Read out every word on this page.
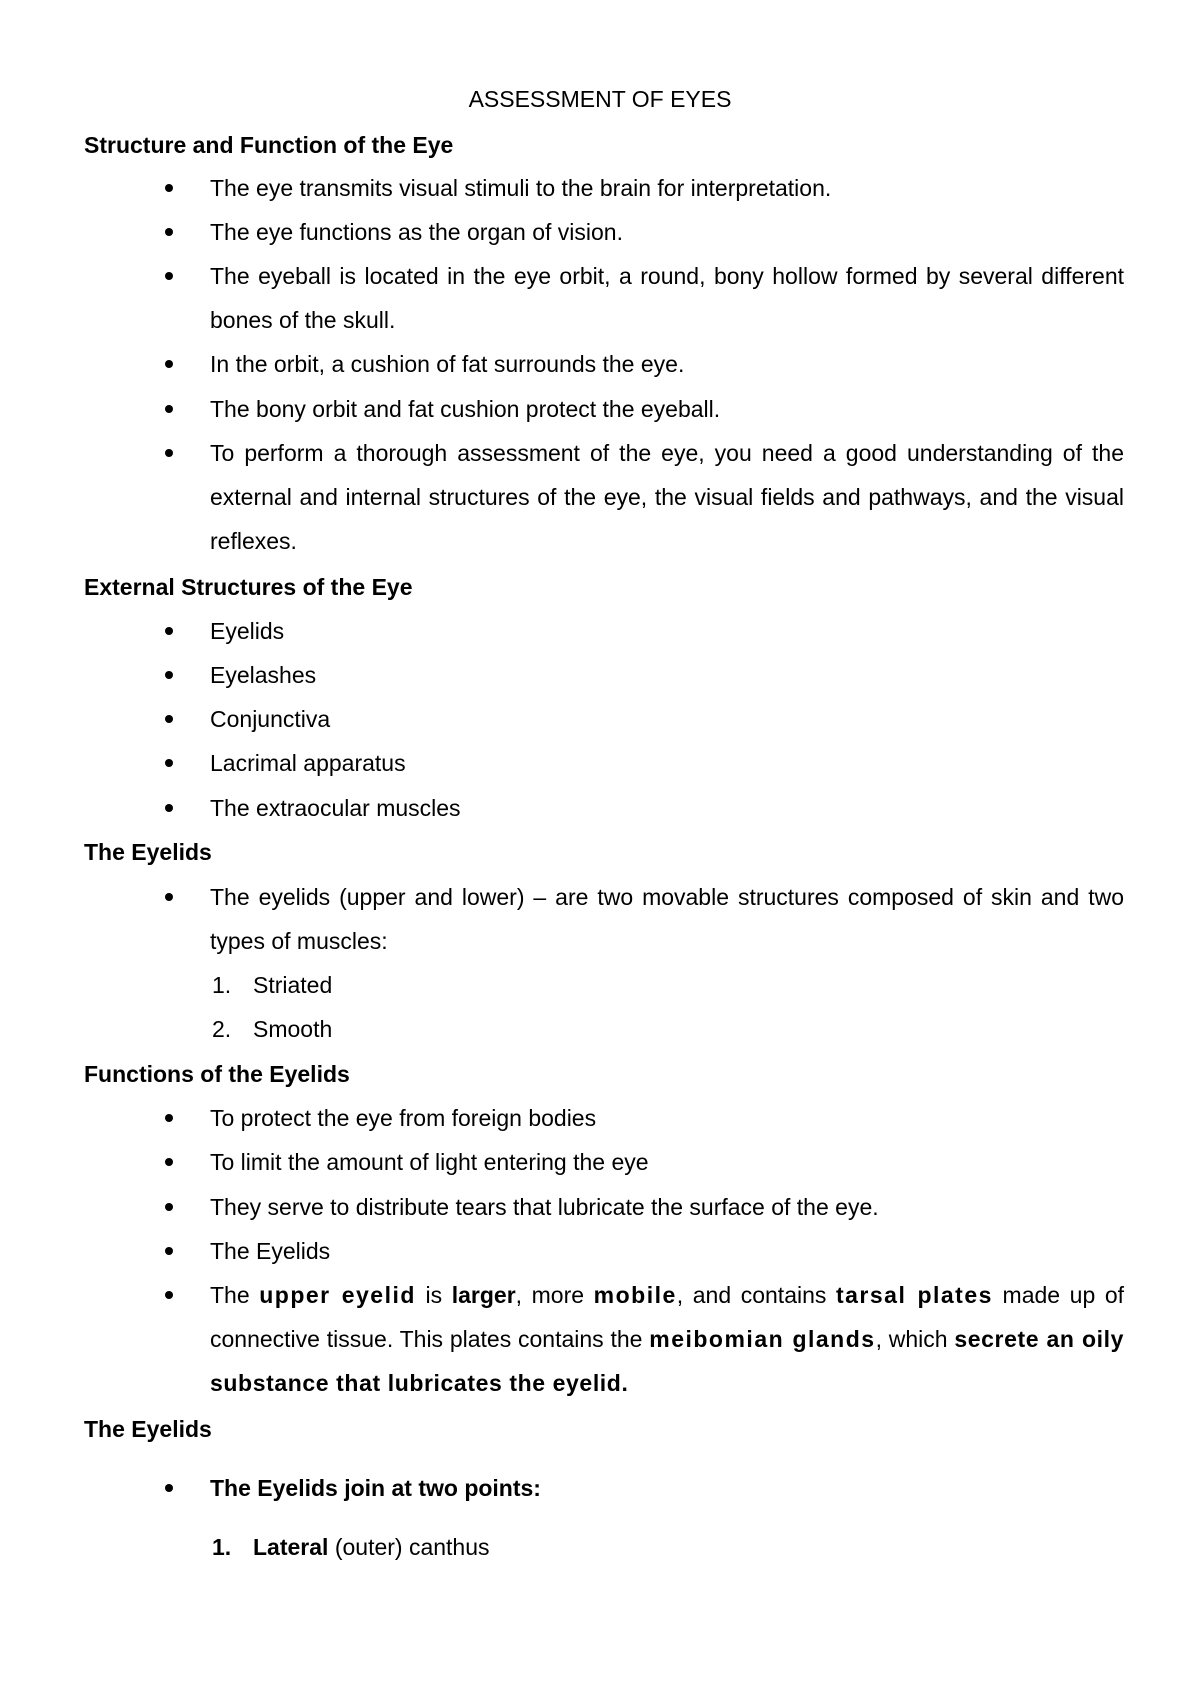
ASSESSMENT OF EYES
Structure and Function of the Eye
The eye transmits visual stimuli to the brain for interpretation.
The eye functions as the organ of vision.
The eyeball is located in the eye orbit, a round, bony hollow formed by several different bones of the skull.
In the orbit, a cushion of fat surrounds the eye.
The bony orbit and fat cushion protect the eyeball.
To perform a thorough assessment of the eye, you need a good understanding of the external and internal structures of the eye, the visual fields and pathways, and the visual reflexes.
External Structures of the Eye
Eyelids
Eyelashes
Conjunctiva
Lacrimal apparatus
The extraocular muscles
The Eyelids
The eyelids (upper and lower) – are two movable structures composed of skin and two types of muscles:
1. Striated
2. Smooth
Functions of the Eyelids
To protect the eye from foreign bodies
To limit the amount of light entering the eye
They serve to distribute tears that lubricate the surface of the eye.
The Eyelids
The upper eyelid is larger, more mobile, and contains tarsal plates made up of connective tissue. This plates contains the meibomian glands, which secrete an oily substance that lubricates the eyelid.
The Eyelids
The Eyelids join at two points:
1. Lateral (outer) canthus
